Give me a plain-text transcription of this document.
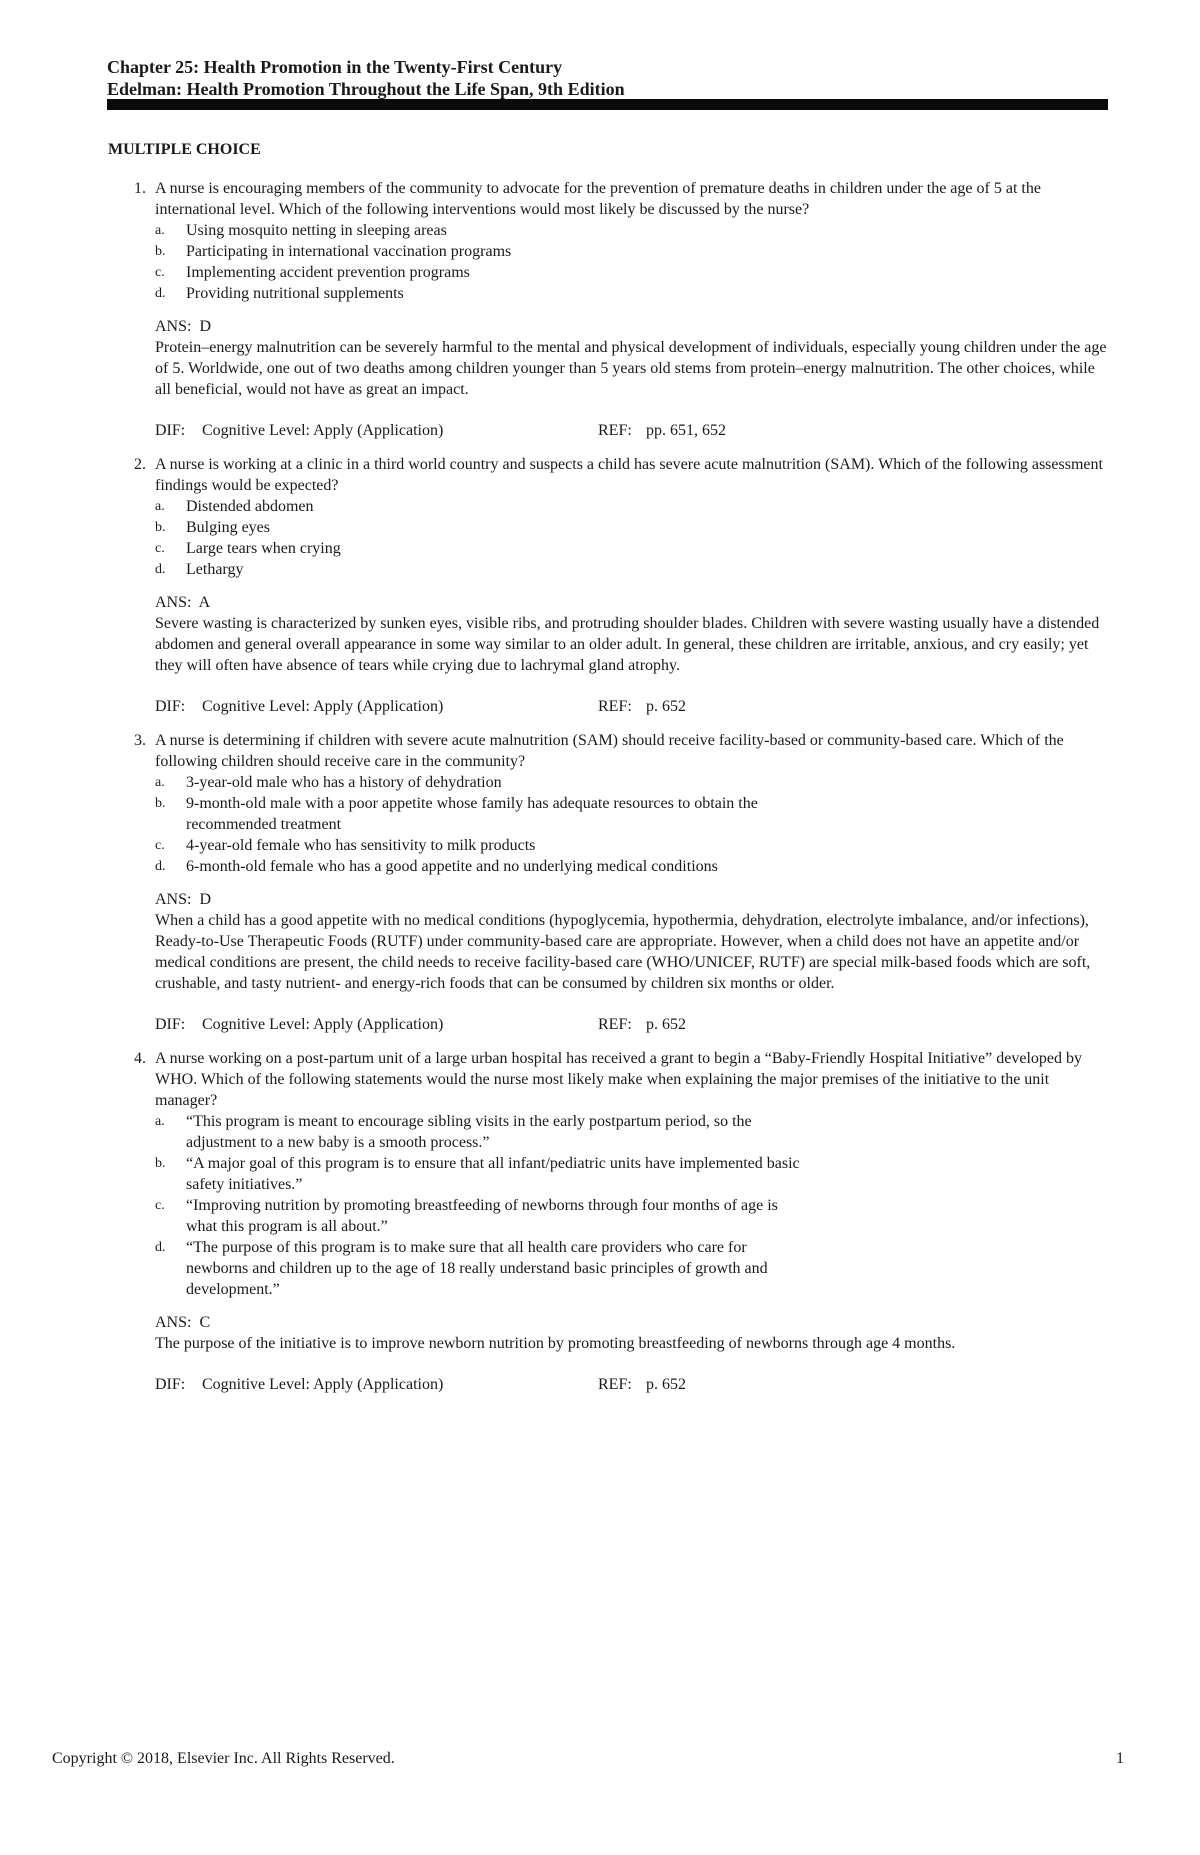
Chapter 25: Health Promotion in the Twenty-First Century
Edelman: Health Promotion Throughout the Life Span, 9th Edition
MULTIPLE CHOICE
1. A nurse is encouraging members of the community to advocate for the prevention of premature deaths in children under the age of 5 at the international level. Which of the following interventions would most likely be discussed by the nurse?
a.	Using mosquito netting in sleeping areas
b.	Participating in international vaccination programs
c.	Implementing accident prevention programs
d.	Providing nutritional supplements
ANS: D
Protein–energy malnutrition can be severely harmful to the mental and physical development of individuals, especially young children under the age of 5. Worldwide, one out of two deaths among children younger than 5 years old stems from protein–energy malnutrition. The other choices, while all beneficial, would not have as great an impact.
DIF:	Cognitive Level: Apply (Application)	REF: pp. 651, 652
2. A nurse is working at a clinic in a third world country and suspects a child has severe acute malnutrition (SAM). Which of the following assessment findings would be expected?
a.	Distended abdomen
b.	Bulging eyes
c.	Large tears when crying
d.	Lethargy
ANS: A
Severe wasting is characterized by sunken eyes, visible ribs, and protruding shoulder blades. Children with severe wasting usually have a distended abdomen and general overall appearance in some way similar to an older adult. In general, these children are irritable, anxious, and cry easily; yet they will often have absence of tears while crying due to lachrymal gland atrophy.
DIF:	Cognitive Level: Apply (Application)	REF: p. 652
3. A nurse is determining if children with severe acute malnutrition (SAM) should receive facility-based or community-based care. Which of the following children should receive care in the community?
a.	3-year-old male who has a history of dehydration
b.	9-month-old male with a poor appetite whose family has adequate resources to obtain the recommended treatment
c.	4-year-old female who has sensitivity to milk products
d.	6-month-old female who has a good appetite and no underlying medical conditions
ANS: D
When a child has a good appetite with no medical conditions (hypoglycemia, hypothermia, dehydration, electrolyte imbalance, and/or infections), Ready-to-Use Therapeutic Foods (RUTF) under community-based care are appropriate. However, when a child does not have an appetite and/or medical conditions are present, the child needs to receive facility-based care (WHO/UNICEF, RUTF) are special milk-based foods which are soft, crushable, and tasty nutrient- and energy-rich foods that can be consumed by children six months or older.
DIF:	Cognitive Level: Apply (Application)	REF: p. 652
4. A nurse working on a post-partum unit of a large urban hospital has received a grant to begin a “Baby-Friendly Hospital Initiative” developed by WHO. Which of the following statements would the nurse most likely make when explaining the major premises of the initiative to the unit manager?
a.	“This program is meant to encourage sibling visits in the early postpartum period, so the adjustment to a new baby is a smooth process.”
b.	“A major goal of this program is to ensure that all infant/pediatric units have implemented basic safety initiatives.”
c.	“Improving nutrition by promoting breastfeeding of newborns through four months of age is what this program is all about.”
d.	“The purpose of this program is to make sure that all health care providers who care for newborns and children up to the age of 18 really understand basic principles of growth and development.”
ANS: C
The purpose of the initiative is to improve newborn nutrition by promoting breastfeeding of newborns through age 4 months.
DIF:	Cognitive Level: Apply (Application)	REF: p. 652
Copyright © 2018, Elsevier Inc. All Rights Reserved.	1
